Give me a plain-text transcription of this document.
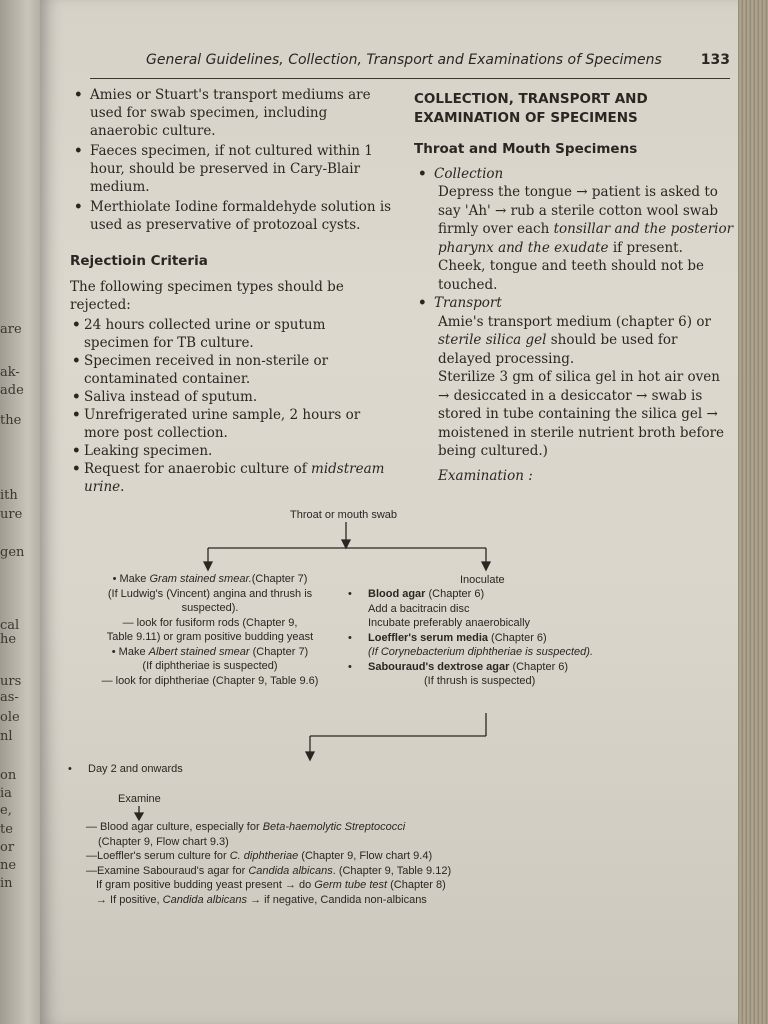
are
ak-
ade
the
ith
ure
gen
cal
he
urs
as-
ole
nl
on
ia
e,
te
or
ne
in
General Guidelines, Collection, Transport and Examinations of Specimens	133

• Amies or Stuart's transport mediums are used for swab specimen, including anaerobic culture.

• Faeces specimen, if not cultured within 1 hour, should be preserved in Cary-Blair medium.

• Merthiolate Iodine formaldehyde solution is used as preservative of protozoal cysts.

Rejectioin Criteria

The following specimen types should be rejected:

• 24 hours collected urine or sputum specimen for TB culture.

• Specimen received in non-sterile or contaminated container.

• Saliva instead of sputum.

• Unrefrigerated urine sample, 2 hours or more post collection.

• Leaking specimen.

• Request for anaerobic culture of midstream urine.

COLLECTION, TRANSPORT AND EXAMINATION OF SPECIMENS
Throat and Mouth Specimens

• Collection

Depress the tongue → patient is asked to say 'Ah' → rub a sterile cotton wool swab firmly over each tonsillar and the posterior pharynx and the exudate if present. Cheek, tongue and teeth should not be touched.

• Transport

Amie's transport medium (chapter 6) or sterile silica gel should be used for delayed processing.

Sterilize 3 gm of silica gel in hot air oven → desiccated in a desiccator → swab is stored in tube containing the silica gel → moistened in sterile nutrient broth before being cultured.)

Examination :

Throat or mouth swab
• Make Gram stained smear.(Chapter 7)
(If Ludwig's (Vincent) angina and thrush is
suspected).
— look for fusiform rods (Chapter 9,
Table 9.11) or gram positive budding yeast
• Make Albert stained smear (Chapter 7)
(If diphtheriae is suspected)
— look for diphtheriae (Chapter 9, Table 9.6)
Inoculate
• Blood agar (Chapter 6)
Add a bacitracin disc
Incubate preferably anaerobically
• Loeffler's serum media (Chapter 6)
(If Corynebacterium diphtheriae is suspected).
• Sabouraud's dextrose agar (Chapter 6)
(If thrush is suspected)
• Day 2 and onwards
Examine
— Blood agar culture, especially for Beta-haemolytic Streptococci
(Chapter 9, Flow chart 9.3)
—Loeffler's serum culture for C. diphtheriae (Chapter 9, Flow chart 9.4)
—Examine Sabouraud's agar for Candida albicans. (Chapter 9, Table 9.12)
If gram positive budding yeast present → do Germ tube test (Chapter 8)
→ If positive, Candida albicans → if negative, Candida non-albicans
